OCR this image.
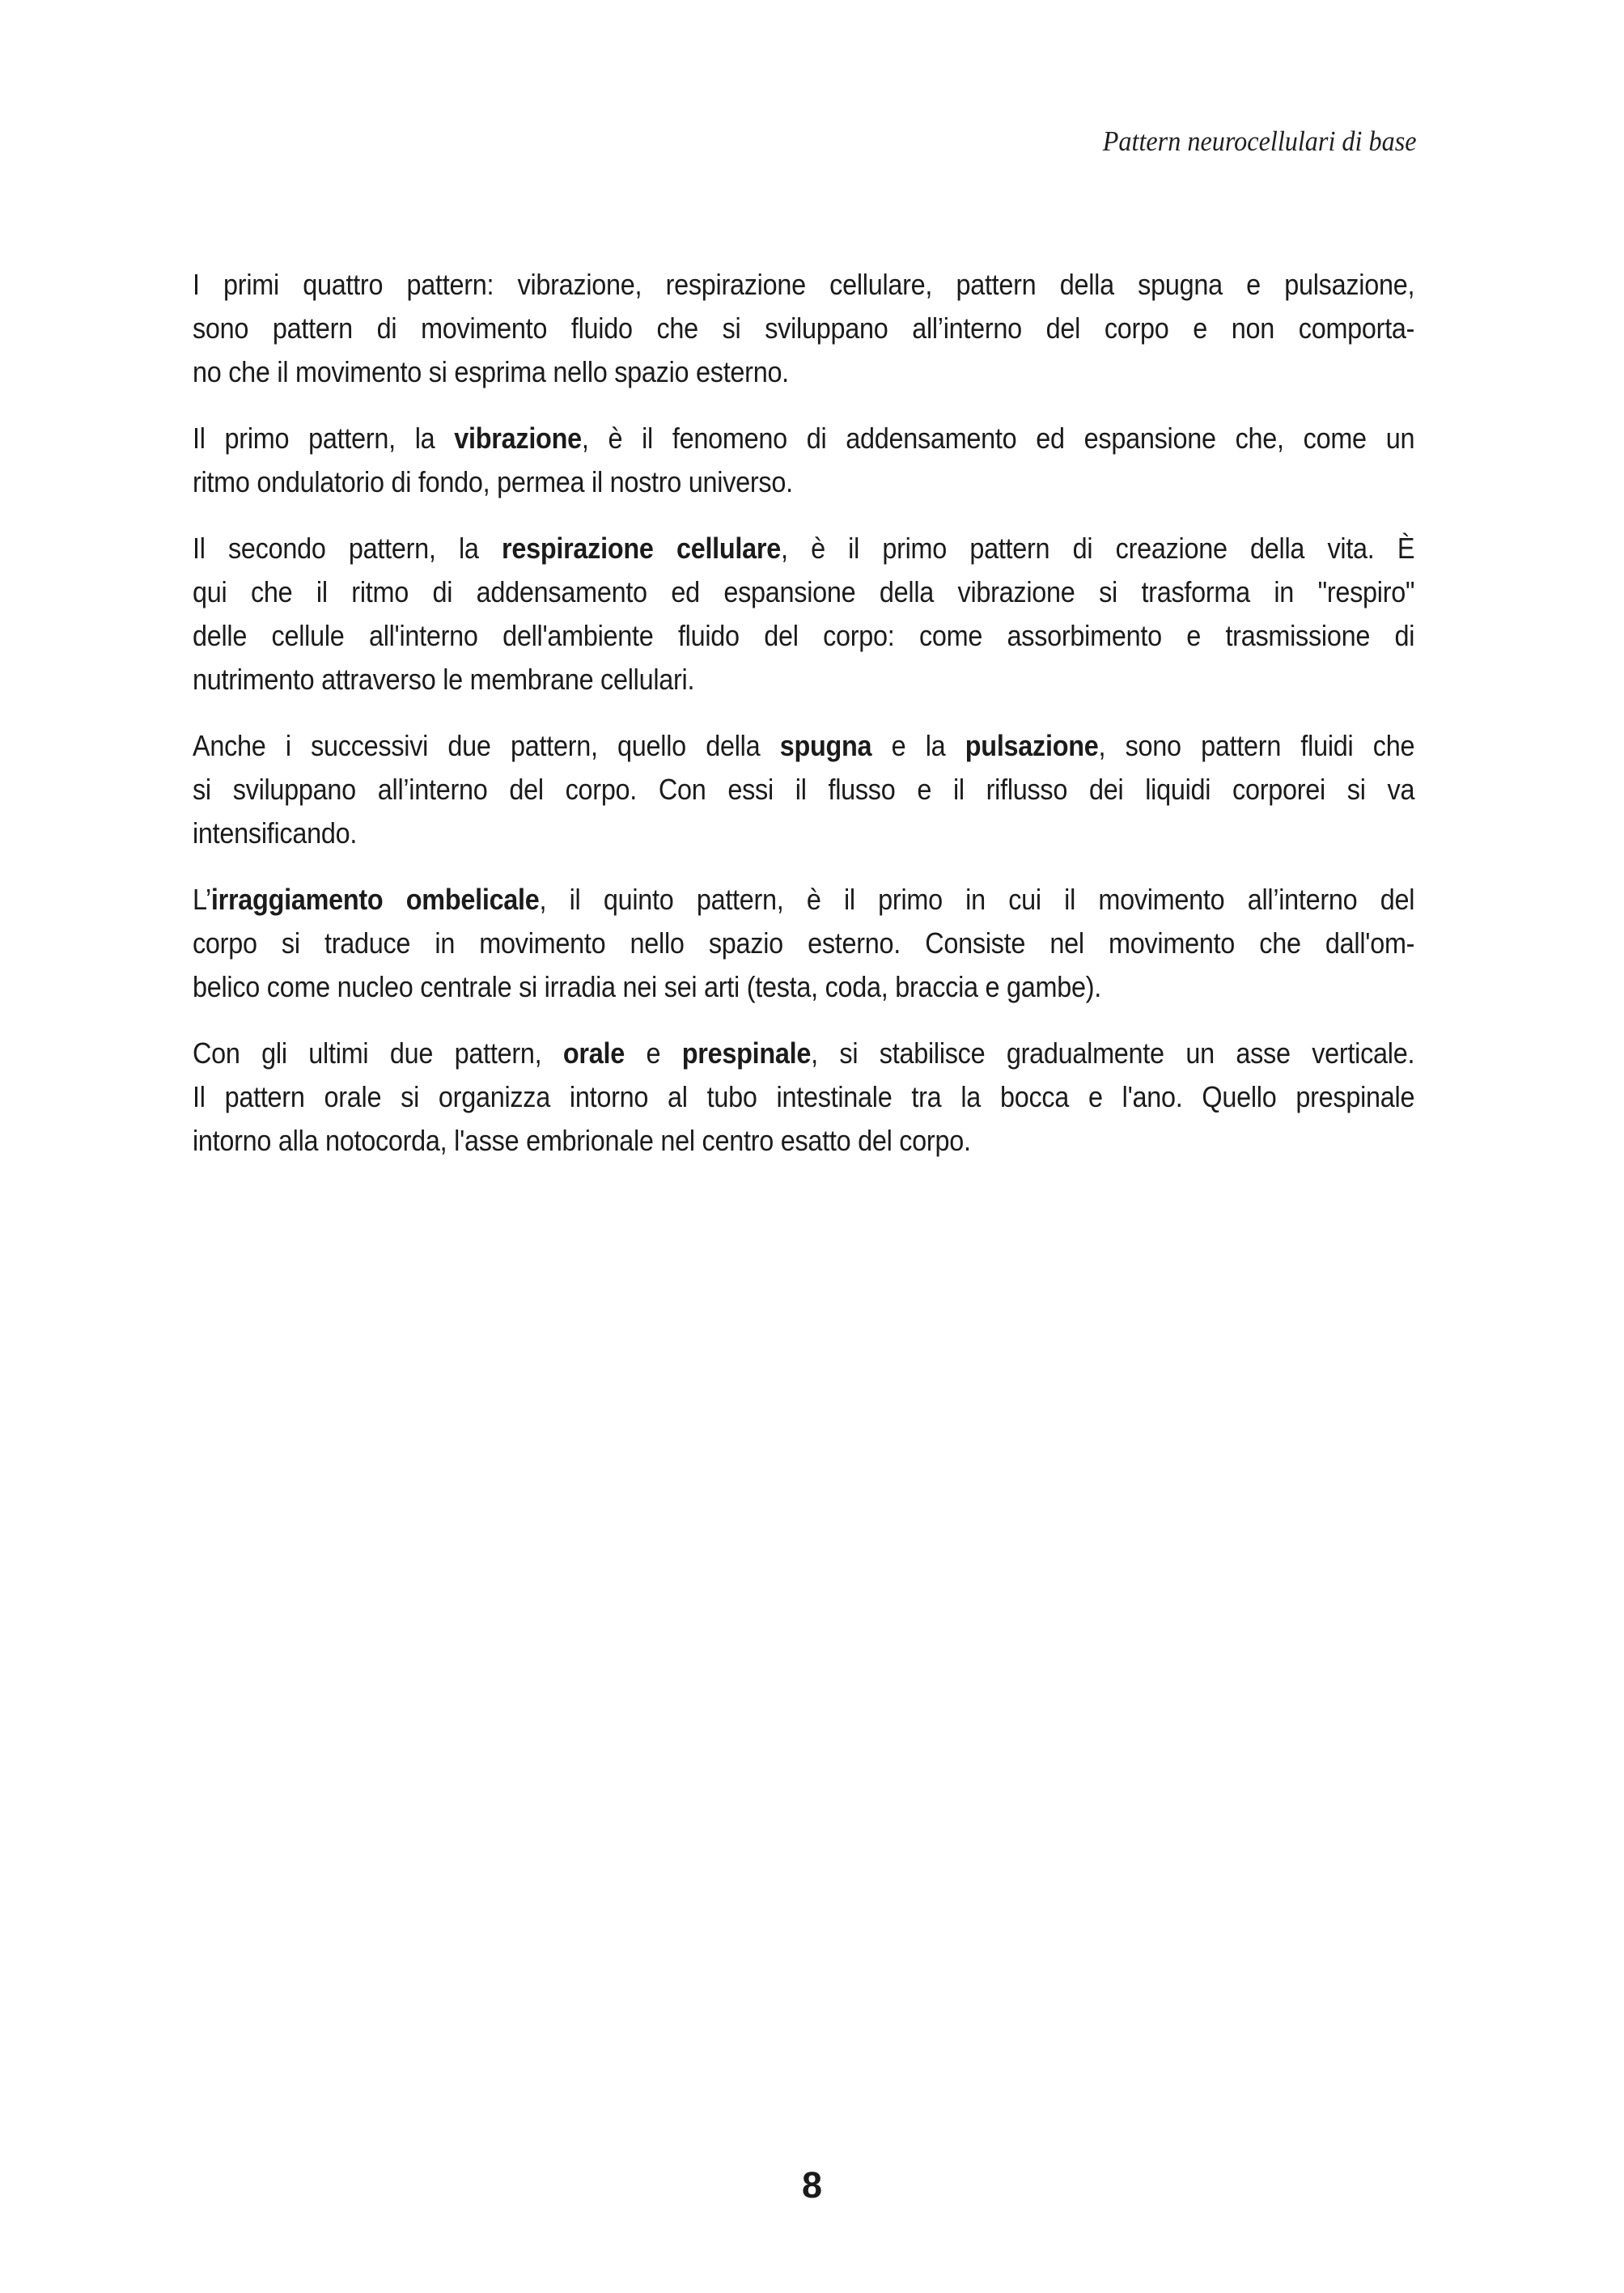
Pattern neurocellulari di base
I primi quattro pattern: vibrazione, respirazione cellulare, pattern della spugna e pulsazione,
sono pattern di movimento fluido che si sviluppano all’interno del corpo e non comporta-
no che il movimento si esprima nello spazio esterno.
Il primo pattern, la vibrazione, è il fenomeno di addensamento ed espansione che, come un
ritmo ondulatorio di fondo, permea il nostro universo.
Il secondo pattern, la respirazione cellulare, è il primo pattern di creazione della vita. È
qui che il ritmo di addensamento ed espansione della vibrazione si trasforma in "respiro"
delle cellule all'interno dell'ambiente fluido del corpo: come assorbimento e trasmissione di
nutrimento attraverso le membrane cellulari.
Anche i successivi due pattern, quello della spugna e la pulsazione, sono pattern fluidi che
si sviluppano all’interno del corpo. Con essi il flusso e il riflusso dei liquidi corporei si va
intensificando.
L’irraggiamento ombelicale, il quinto pattern, è il primo in cui il movimento all’interno del
corpo si traduce in movimento nello spazio esterno. Consiste nel movimento che dall'om-
belico come nucleo centrale si irradia nei sei arti (testa, coda, braccia e gambe).
Con gli ultimi due pattern, orale e prespinale, si stabilisce gradualmente un asse verticale.
Il pattern orale si organizza intorno al tubo intestinale tra la bocca e l'ano. Quello prespinale
intorno alla notocorda, l'asse embrionale nel centro esatto del corpo.
8
